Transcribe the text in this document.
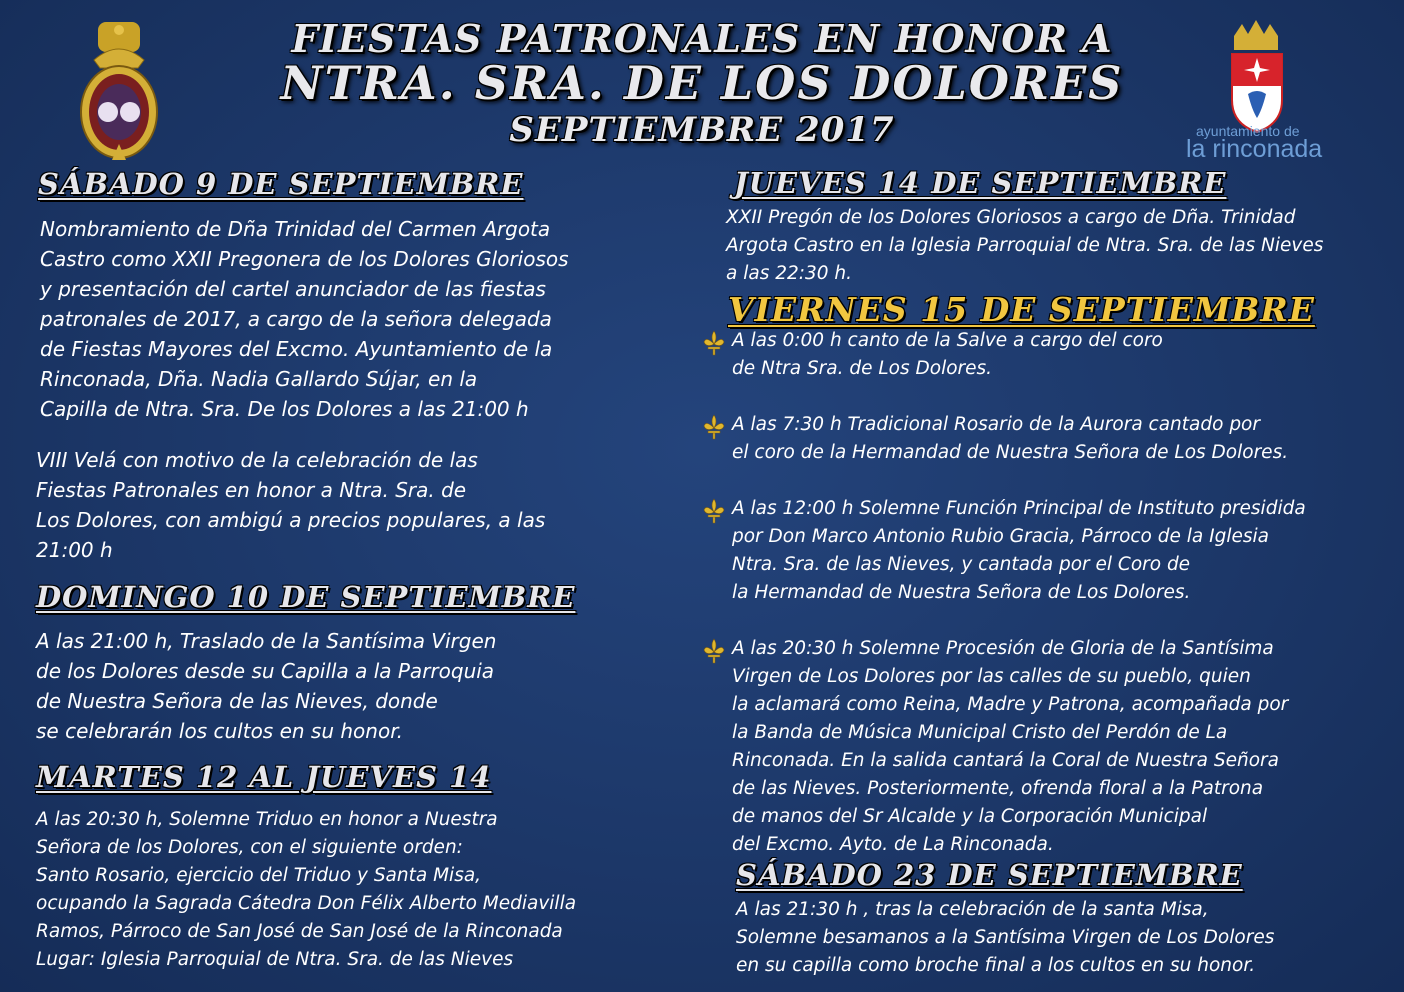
ayuntamiento de
la rinconada
FIESTAS PATRONALES EN HONOR A
NTRA. SRA. DE LOS DOLORES
SEPTIEMBRE 2017
SÁBADO 9 DE SEPTIEMBRE
Nombramiento de Dña Trinidad del Carmen Argota
Castro como XXII Pregonera de los Dolores Gloriosos
y presentación del cartel anunciador de las fiestas
patronales de 2017, a cargo de la señora delegada
de Fiestas Mayores del Excmo. Ayuntamiento de la
Rinconada, Dña. Nadia Gallardo Sújar, en la
Capilla de Ntra. Sra. De los Dolores a las 21:00 h
VIII Velá con motivo de la celebración de las
Fiestas Patronales en honor a Ntra. Sra. de
Los Dolores, con ambigú a precios populares, a las
21:00 h
DOMINGO 10 DE SEPTIEMBRE
A las 21:00 h, Traslado de la Santísima Virgen
de los Dolores desde su Capilla a la Parroquia
de Nuestra Señora de las Nieves, donde
se celebrarán los cultos en su honor.
MARTES 12 AL JUEVES 14
A las 20:30 h, Solemne Triduo en honor a Nuestra
Señora de los Dolores, con el siguiente orden:
Santo Rosario, ejercicio del Triduo y Santa Misa,
ocupando la Sagrada Cátedra Don Félix Alberto Mediavilla
Ramos, Párroco de San José de San José de la Rinconada
Lugar: Iglesia Parroquial de Ntra. Sra. de las Nieves
JUEVES 14 DE SEPTIEMBRE
XXII Pregón de los Dolores Gloriosos a cargo de Dña. Trinidad
Argota Castro en la Iglesia Parroquial de Ntra. Sra. de las Nieves
a las 22:30 h.
VIERNES 15 DE SEPTIEMBRE
A las 0:00 h canto de la Salve a cargo del coro
de Ntra Sra. de Los Dolores.
A las 7:30 h Tradicional Rosario de la Aurora cantado por
el coro de la Hermandad de Nuestra Señora de Los Dolores.
A las 12:00 h Solemne Función Principal de Instituto presidida
por Don Marco Antonio Rubio Gracia, Párroco de la Iglesia
Ntra. Sra. de las Nieves, y cantada por el Coro de
la Hermandad de Nuestra Señora de Los Dolores.
A las 20:30 h Solemne Procesión de Gloria de la Santísima
Virgen de Los Dolores por las calles de su pueblo, quien
la aclamará como Reina, Madre y Patrona, acompañada por
la Banda de Música Municipal Cristo del Perdón de La
Rinconada. En la salida cantará la Coral de Nuestra Señora
de las Nieves. Posteriormente, ofrenda floral a la Patrona
de manos del Sr Alcalde y la Corporación Municipal
del Excmo. Ayto. de La Rinconada.
SÁBADO 23 DE SEPTIEMBRE
A las 21:30 h , tras la celebración de la santa Misa,
Solemne besamanos a la Santísima Virgen de Los Dolores
en su capilla como broche final a los cultos en su honor.
